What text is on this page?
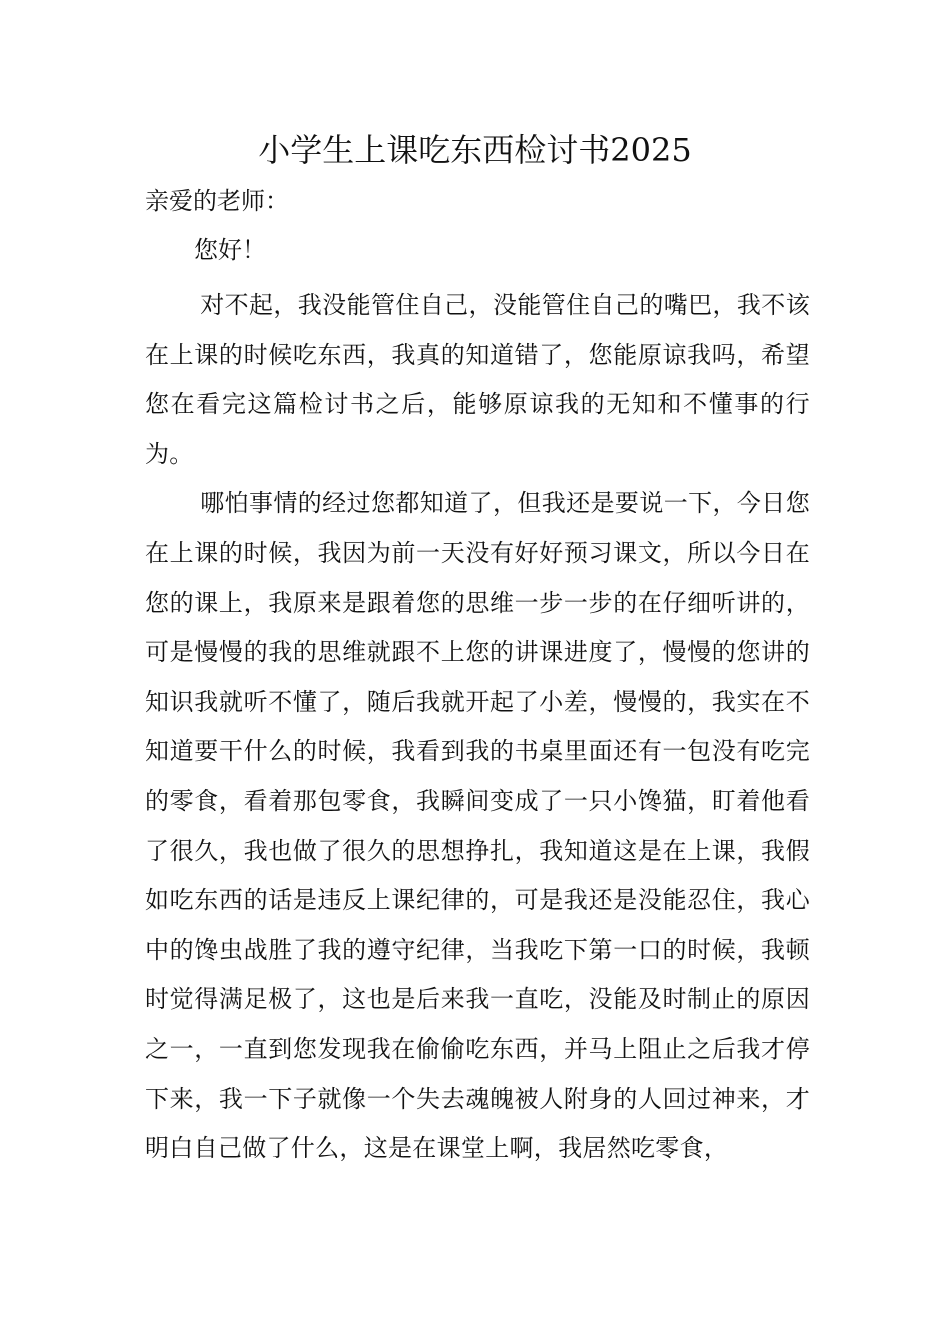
小学生上课吃东西检讨书2025

亲爱的老师：

您好！

对不起，我没能管住自己，没能管住自己的嘴巴，我不该在上课的时候吃东西，我真的知道错了，您能原谅我吗，希望您在看完这篇检讨书之后，能够原谅我的无知和不懂事的行为。

哪怕事情的经过您都知道了，但我还是要说一下，今日您在上课的时候，我因为前一天没有好好预习课文，所以今日在您的课上，我原来是跟着您的思维一步一步的在仔细听讲的，可是慢慢的我的思维就跟不上您的讲课进度了，慢慢的您讲的知识我就听不懂了，随后我就开起了小差，慢慢的，我实在不知道要干什么的时候，我看到我的书桌里面还有一包没有吃完的零食，看着那包零食，我瞬间变成了一只小馋猫，盯着他看了很久，我也做了很久的思想挣扎，我知道这是在上课，我假如吃东西的话是违反上课纪律的，可是我还是没能忍住，我心中的馋虫战胜了我的遵守纪律，当我吃下第一口的时候，我顿时觉得满足极了，这也是后来我一直吃，没能及时制止的原因之一，一直到您发现我在偷偷吃东西，并马上阻止之后我才停下来，我一下子就像一个失去魂魄被人附身的人回过神来，才明白自己做了什么，这是在课堂上啊，我居然吃零食，
